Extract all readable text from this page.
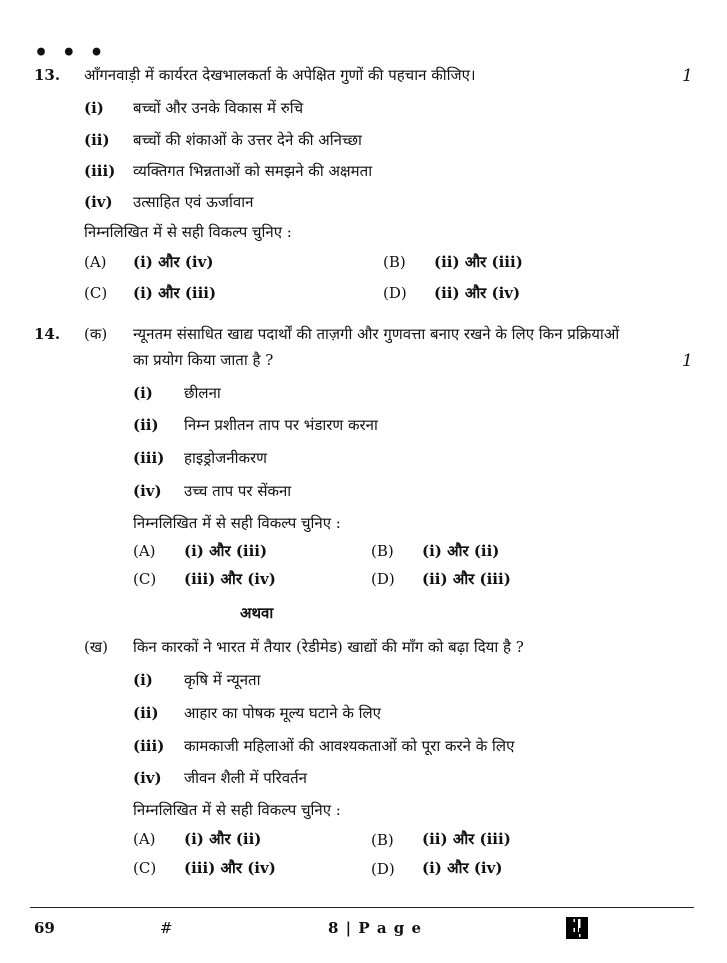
• • •
13. आँगनवाड़ी में कार्यरत देखभालकर्ता के अपेक्षित गुणों की पहचान कीजिए।	1
(i) बच्चों और उनके विकास में रुचि
(ii) बच्चों की शंकाओं के उत्तर देने की अनिच्छा
(iii) व्यक्तिगत भिन्नताओं को समझने की अक्षमता
(iv) उत्साहित एवं ऊर्जावान
निम्नलिखित में से सही विकल्प चुनिए :
(A) (i) और (iv)	(B) (ii) और (iii)
(C) (i) और (iii)	(D) (ii) और (iv)
14. (क) न्यूनतम संसाधित खाद्य पदार्थों की ताज़गी और गुणवत्ता बनाए रखने के लिए किन प्रक्रियाओं
का प्रयोग किया जाता है ?	1
(i) छीलना
(ii) निम्न प्रशीतन ताप पर भंडारण करना
(iii) हाइड्रोजनीकरण
(iv) उच्च ताप पर सेंकना
निम्नलिखित में से सही विकल्प चुनिए :
(A) (i) और (iii)	(B) (i) और (ii)
(C) (iii) और (iv)	(D) (ii) और (iii)
अथवा
(ख) किन कारकों ने भारत में तैयार (रेडीमेड) खाद्यों की माँग को बढ़ा दिया है ?
(i) कृषि में न्यूनता
(ii) आहार का पोषक मूल्य घटाने के लिए
(iii) कामकाजी महिलाओं की आवश्यकताओं को पूरा करने के लिए
(iv) जीवन शैली में परिवर्तन
निम्नलिखित में से सही विकल्प चुनिए :
(A) (i) और (ii)	(B) (ii) और (iii)
(C) (iii) और (iv)	(D) (i) और (iv)
69	#	8 | P a g e
